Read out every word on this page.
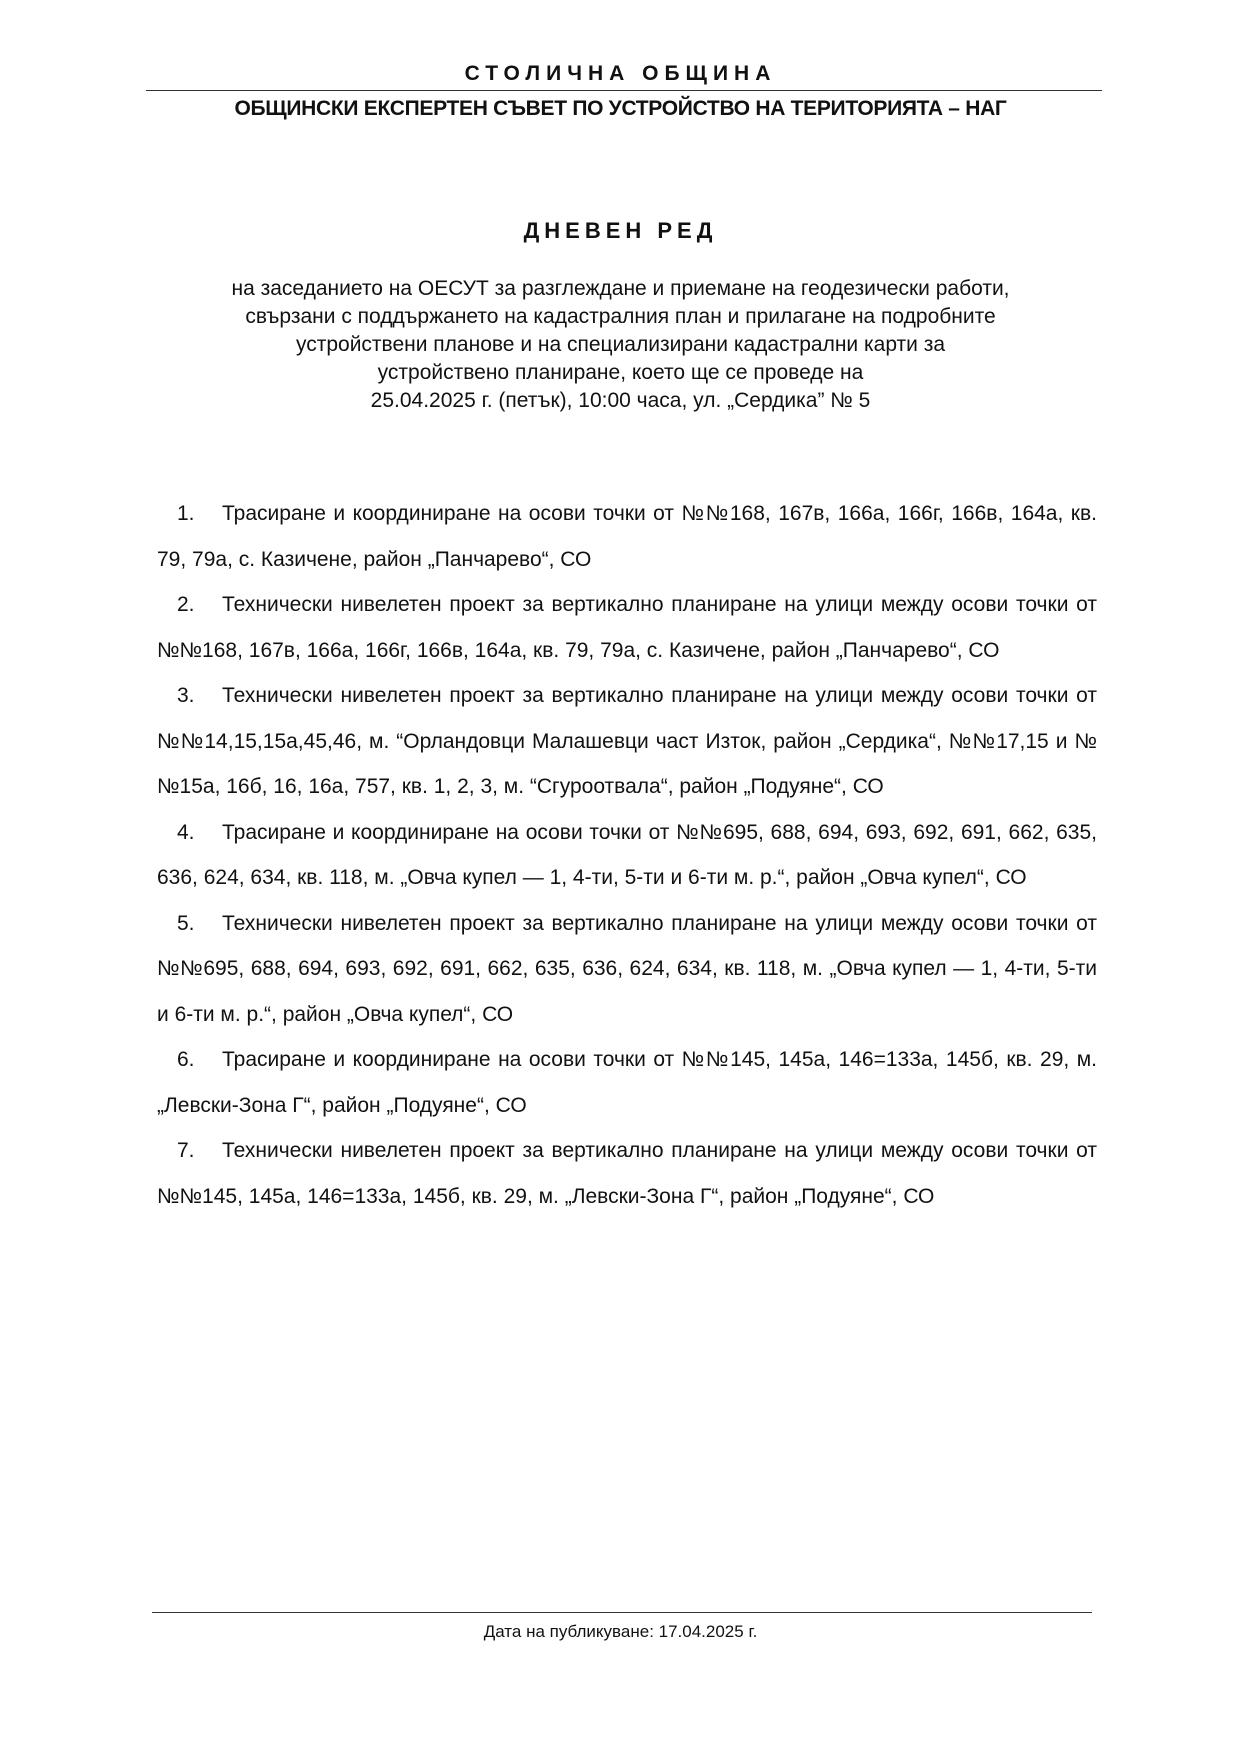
СТОЛИЧНА ОБЩИНА
ОБЩИНСКИ ЕКСПЕРТЕН СЪВЕТ ПО УСТРОЙСТВО НА ТЕРИТОРИЯТА – НАГ
ДНЕВЕН РЕД
на заседанието на ОЕСУТ за разглеждане и приемане на геодезически работи,
свързани с поддържането на кадастралния план и прилагане на подробните
устройствени планове и на специализирани кадастрални карти за
устройствено планиране, което ще се проведе на
25.04.2025 г. (петък), 10:00 часа, ул. „Сердика” № 5
1. Трасиране и координиране на осови точки от №№168, 167в, 166а, 166г, 166в, 164а, кв. 79, 79а, с. Казичене, район „Панчарево“, СО
2. Технически нивелетен проект за вертикално планиране на улици между осови точки от №№168, 167в, 166а, 166г, 166в, 164а, кв. 79, 79а, с. Казичене, район „Панчарево“, СО
3. Технически нивелетен проект за вертикално планиране на улици между осови точки от №№14,15,15а,45,46, м. “Орландовци Малашевци част Изток, район „Сердика“, №№17,15 и №№15а, 16б, 16, 16а, 757, кв. 1, 2, 3, м. “Сгуроотвала“, район „Подуяне“, СО
4. Трасиране и координиране на осови точки от №№695, 688, 694, 693, 692, 691, 662, 635, 636, 624, 634, кв. 118, м. „Овча купел — 1, 4-ти, 5-ти и 6-ти м. р.“, район „Овча купел“, СО
5. Технически нивелетен проект за вертикално планиране на улици между осови точки от №№695, 688, 694, 693, 692, 691, 662, 635, 636, 624, 634, кв. 118, м. „Овча купел — 1, 4-ти, 5-ти и 6-ти м. р.“, район „Овча купел“, СО
6. Трасиране и координиране на осови точки от №№145, 145а, 146=133а, 145б, кв. 29, м. „Левски-Зона Г“, район „Подуяне“, СО
7. Технически нивелетен проект за вертикално планиране на улици между осови точки от №№145, 145а, 146=133а, 145б, кв. 29, м. „Левски-Зона Г“, район „Подуяне“, СО
Дата на публикуване: 17.04.2025 г.
